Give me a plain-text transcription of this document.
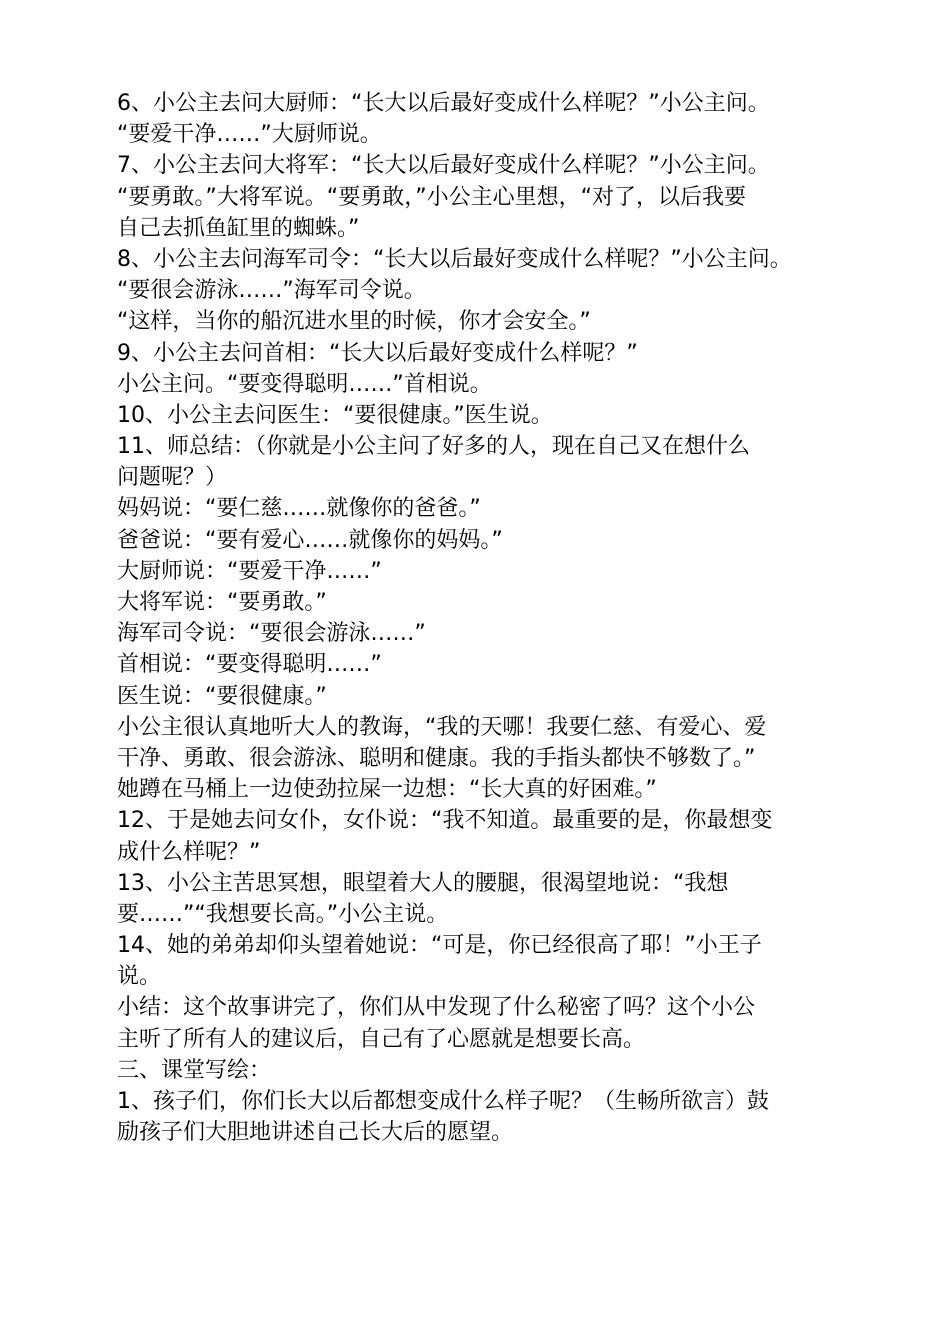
6、小公主去问大厨师：“长大以后最好变成什么样呢？”小公主问。
“要爱干净……”大厨师说。
7、小公主去问大将军：“长大以后最好变成什么样呢？”小公主问。
“要勇敢。”大将军说。“要勇敢，”小公主心里想，“对了，以后我要
自己去抓鱼缸里的蜘蛛。”
8、小公主去问海军司令：“长大以后最好变成什么样呢？”小公主问。
“要很会游泳……”海军司令说。
“这样，当你的船沉进水里的时候，你才会安全。”
9、小公主去问首相：“长大以后最好变成什么样呢？”
小公主问。“要变得聪明……”首相说。
10、小公主去问医生：“要很健康。”医生说。
11、师总结：（你就是小公主问了好多的人，现在自己又在想什么
问题呢？）
妈妈说：“要仁慈……就像你的爸爸。”
爸爸说：“要有爱心……就像你的妈妈。”
大厨师说：“要爱干净……”
大将军说：“要勇敢。”
海军司令说：“要很会游泳……”
首相说：“要变得聪明……”
医生说：“要很健康。”
小公主很认真地听大人的教诲，“我的天哪！我要仁慈、有爱心、爱
干净、勇敢、很会游泳、聪明和健康。我的手指头都快不够数了。”
她蹲在马桶上一边使劲拉屎一边想：“长大真的好困难。”
12、于是她去问女仆，女仆说：“我不知道。最重要的是，你最想变
成什么样呢？”
13、小公主苦思冥想，眼望着大人的腰腿，很渴望地说：“我想
要……”“我想要长高。”小公主说。
14、她的弟弟却仰头望着她说：“可是，你已经很高了耶！”小王子
说。
小结：这个故事讲完了，你们从中发现了什么秘密了吗？这个小公
主听了所有人的建议后，自己有了心愿就是想要长高。
三、课堂写绘：
1、孩子们，你们长大以后都想变成什么样子呢？（生畅所欲言）鼓
励孩子们大胆地讲述自己长大后的愿望。
